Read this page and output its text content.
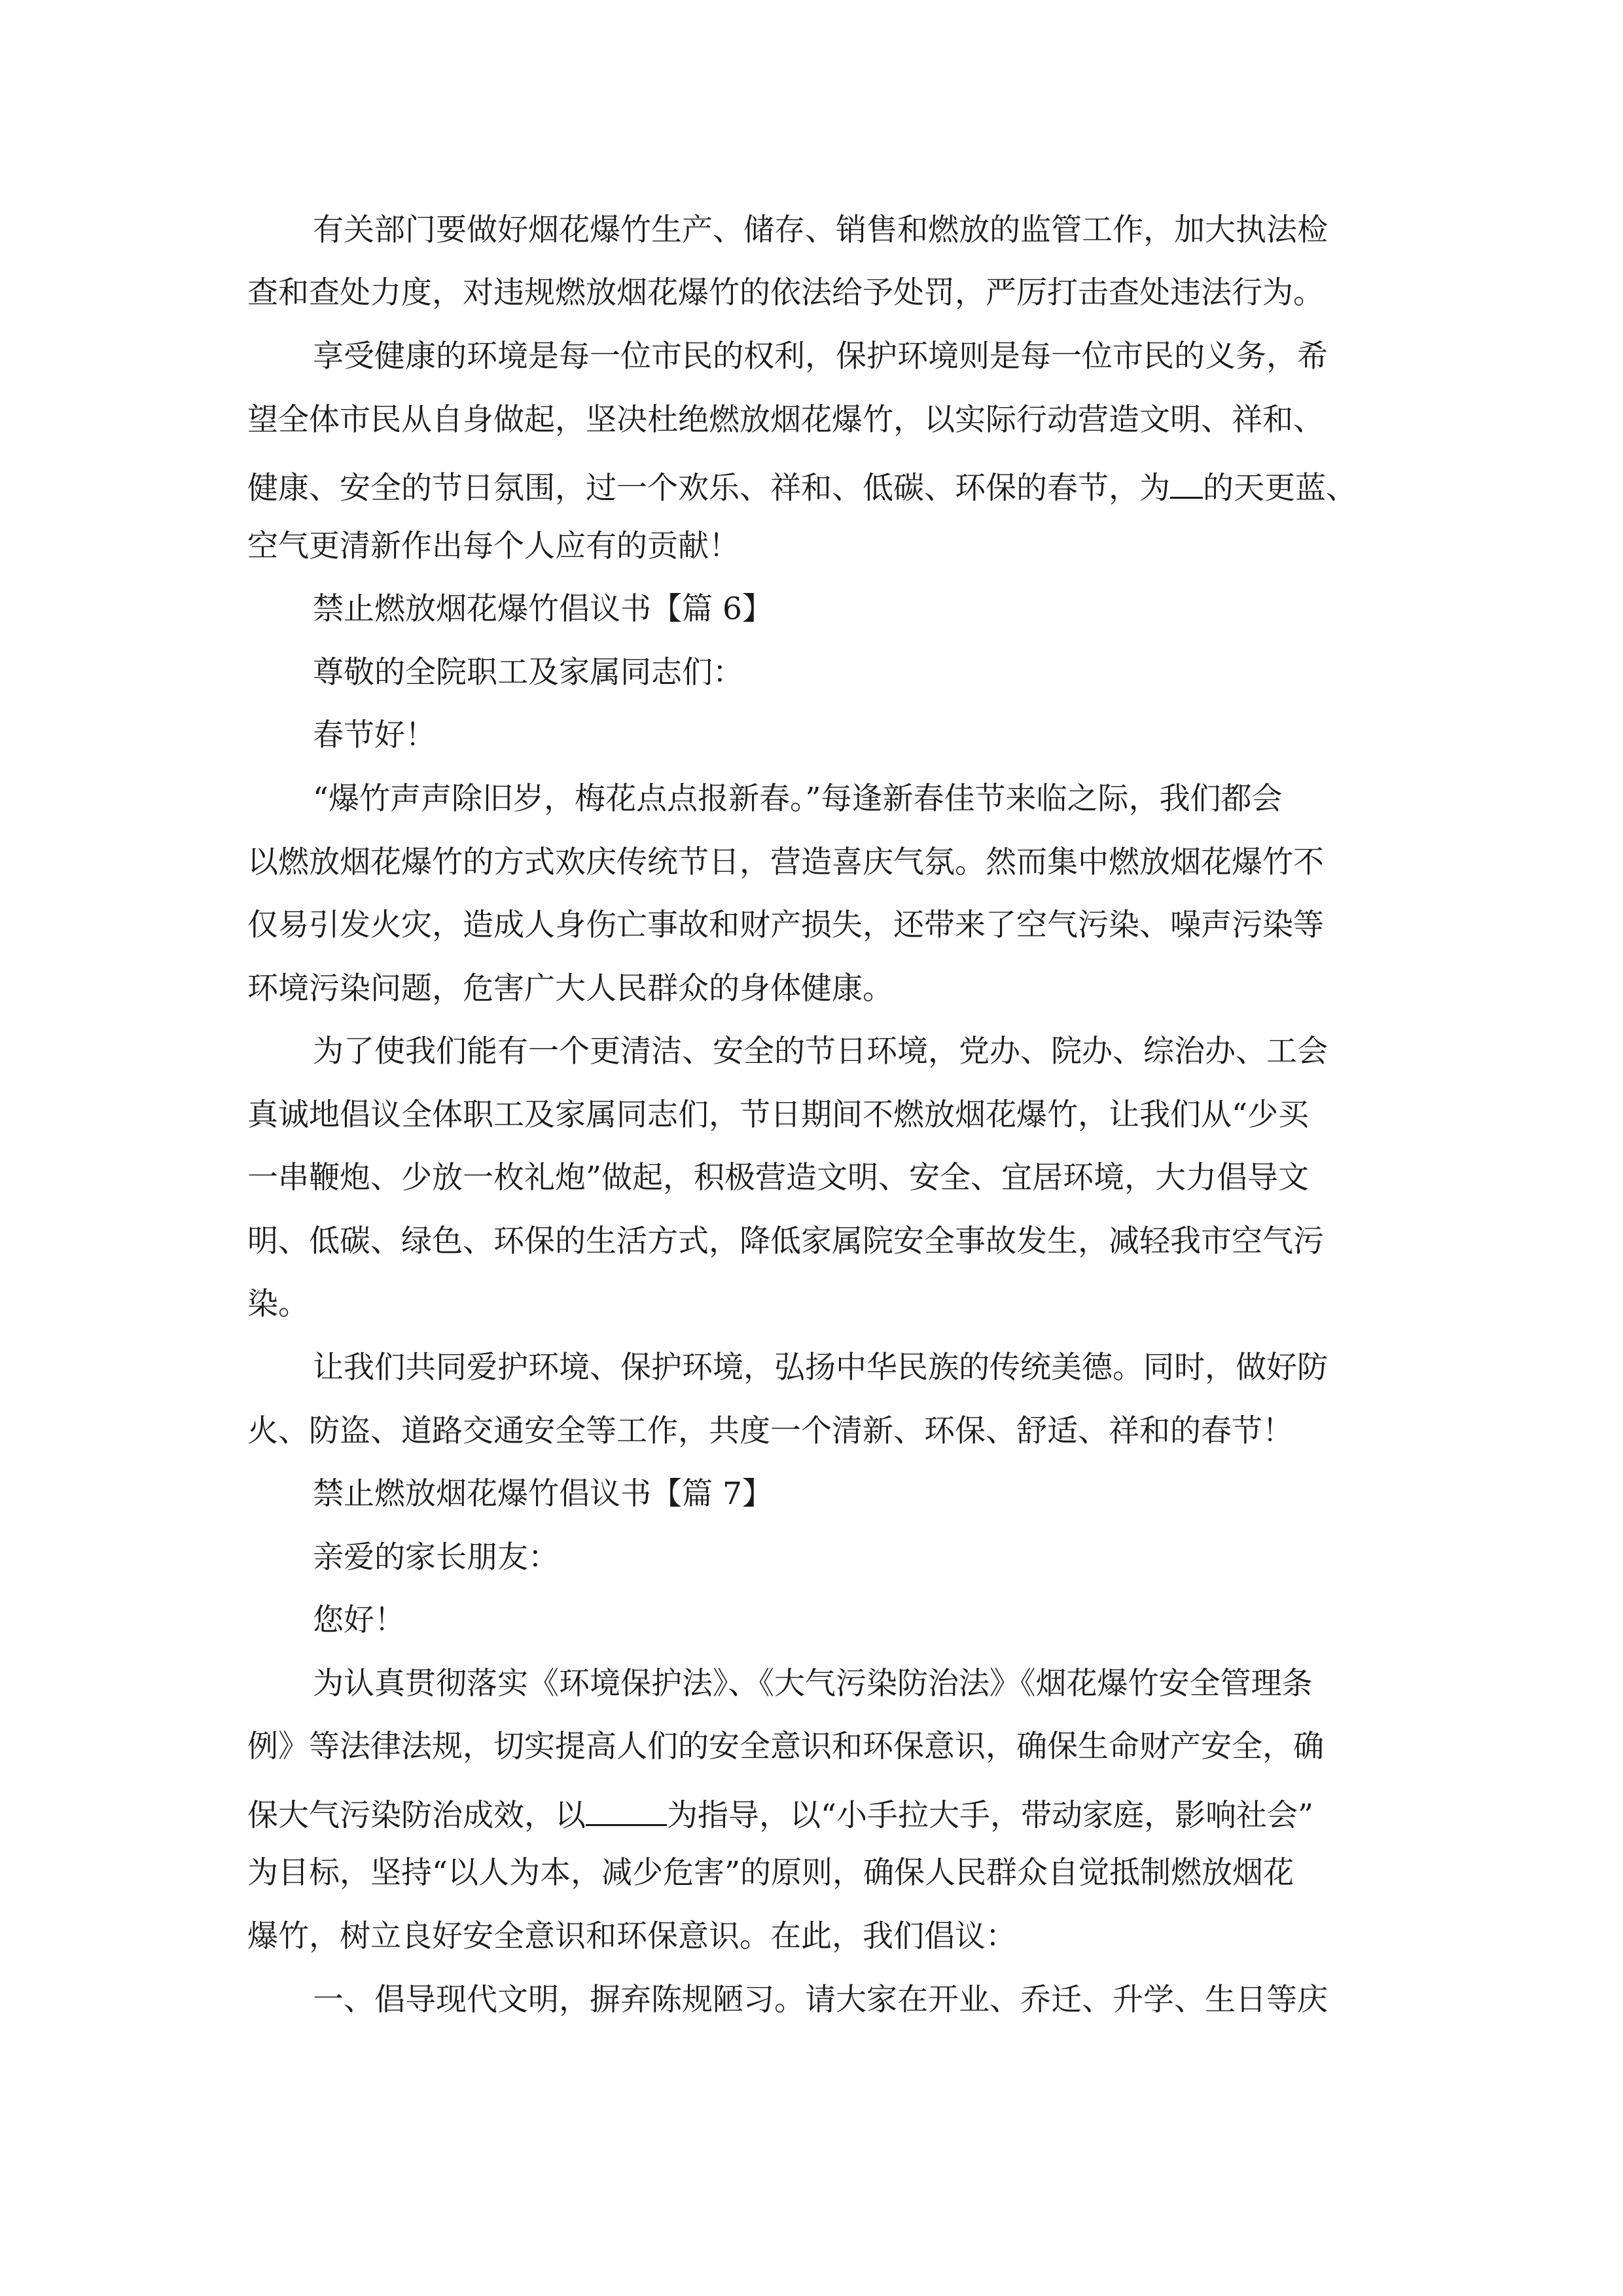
有关部门要做好烟花爆竹生产、储存、销售和燃放的监管工作，加大执法检
查和查处力度，对违规燃放烟花爆竹的依法给予处罚，严厉打击查处违法行为。
享受健康的环境是每一位市民的权利，保护环境则是每一位市民的义务，希
望全体市民从自身做起，坚决杜绝燃放烟花爆竹，以实际行动营造文明、祥和、
健康、安全的节日氛围，过一个欢乐、祥和、低碳、环保的春节，为 的天更蓝、
空气更清新作出每个人应有的贡献！
禁止燃放烟花爆竹倡议书【篇 6】
尊敬的全院职工及家属同志们：
春节好！
“爆竹声声除旧岁，梅花点点报新春。”每逢新春佳节来临之际，我们都会
以燃放烟花爆竹的方式欢庆传统节日，营造喜庆气氛。然而集中燃放烟花爆竹不
仅易引发火灾，造成人身伤亡事故和财产损失，还带来了空气污染、噪声污染等
环境污染问题，危害广大人民群众的身体健康。
为了使我们能有一个更清洁、安全的节日环境，党办、院办、综治办、工会
真诚地倡议全体职工及家属同志们，节日期间不燃放烟花爆竹，让我们从“少买
一串鞭炮、少放一枚礼炮”做起，积极营造文明、安全、宜居环境，大力倡导文
明、低碳、绿色、环保的生活方式，降低家属院安全事故发生，减轻我市空气污
染。
让我们共同爱护环境、保护环境，弘扬中华民族的传统美德。同时，做好防
火、防盗、道路交通安全等工作，共度一个清新、环保、舒适、祥和的春节！
禁止燃放烟花爆竹倡议书【篇 7】
亲爱的家长朋友：
您好！
为认真贯彻落实《环境保护法》、《大气污染防治法》《烟花爆竹安全管理条
例》等法律法规，切实提高人们的安全意识和环保意识，确保生命财产安全，确
保大气污染防治成效，以	为指导，以“小手拉大手，带动家庭，影响社会”
为目标，坚持“以人为本，减少危害”的原则，确保人民群众自觉抵制燃放烟花
爆竹，树立良好安全意识和环保意识。在此，我们倡议：
一、倡导现代文明，摒弃陈规陋习。请大家在开业、乔迁、升学、生日等庆
